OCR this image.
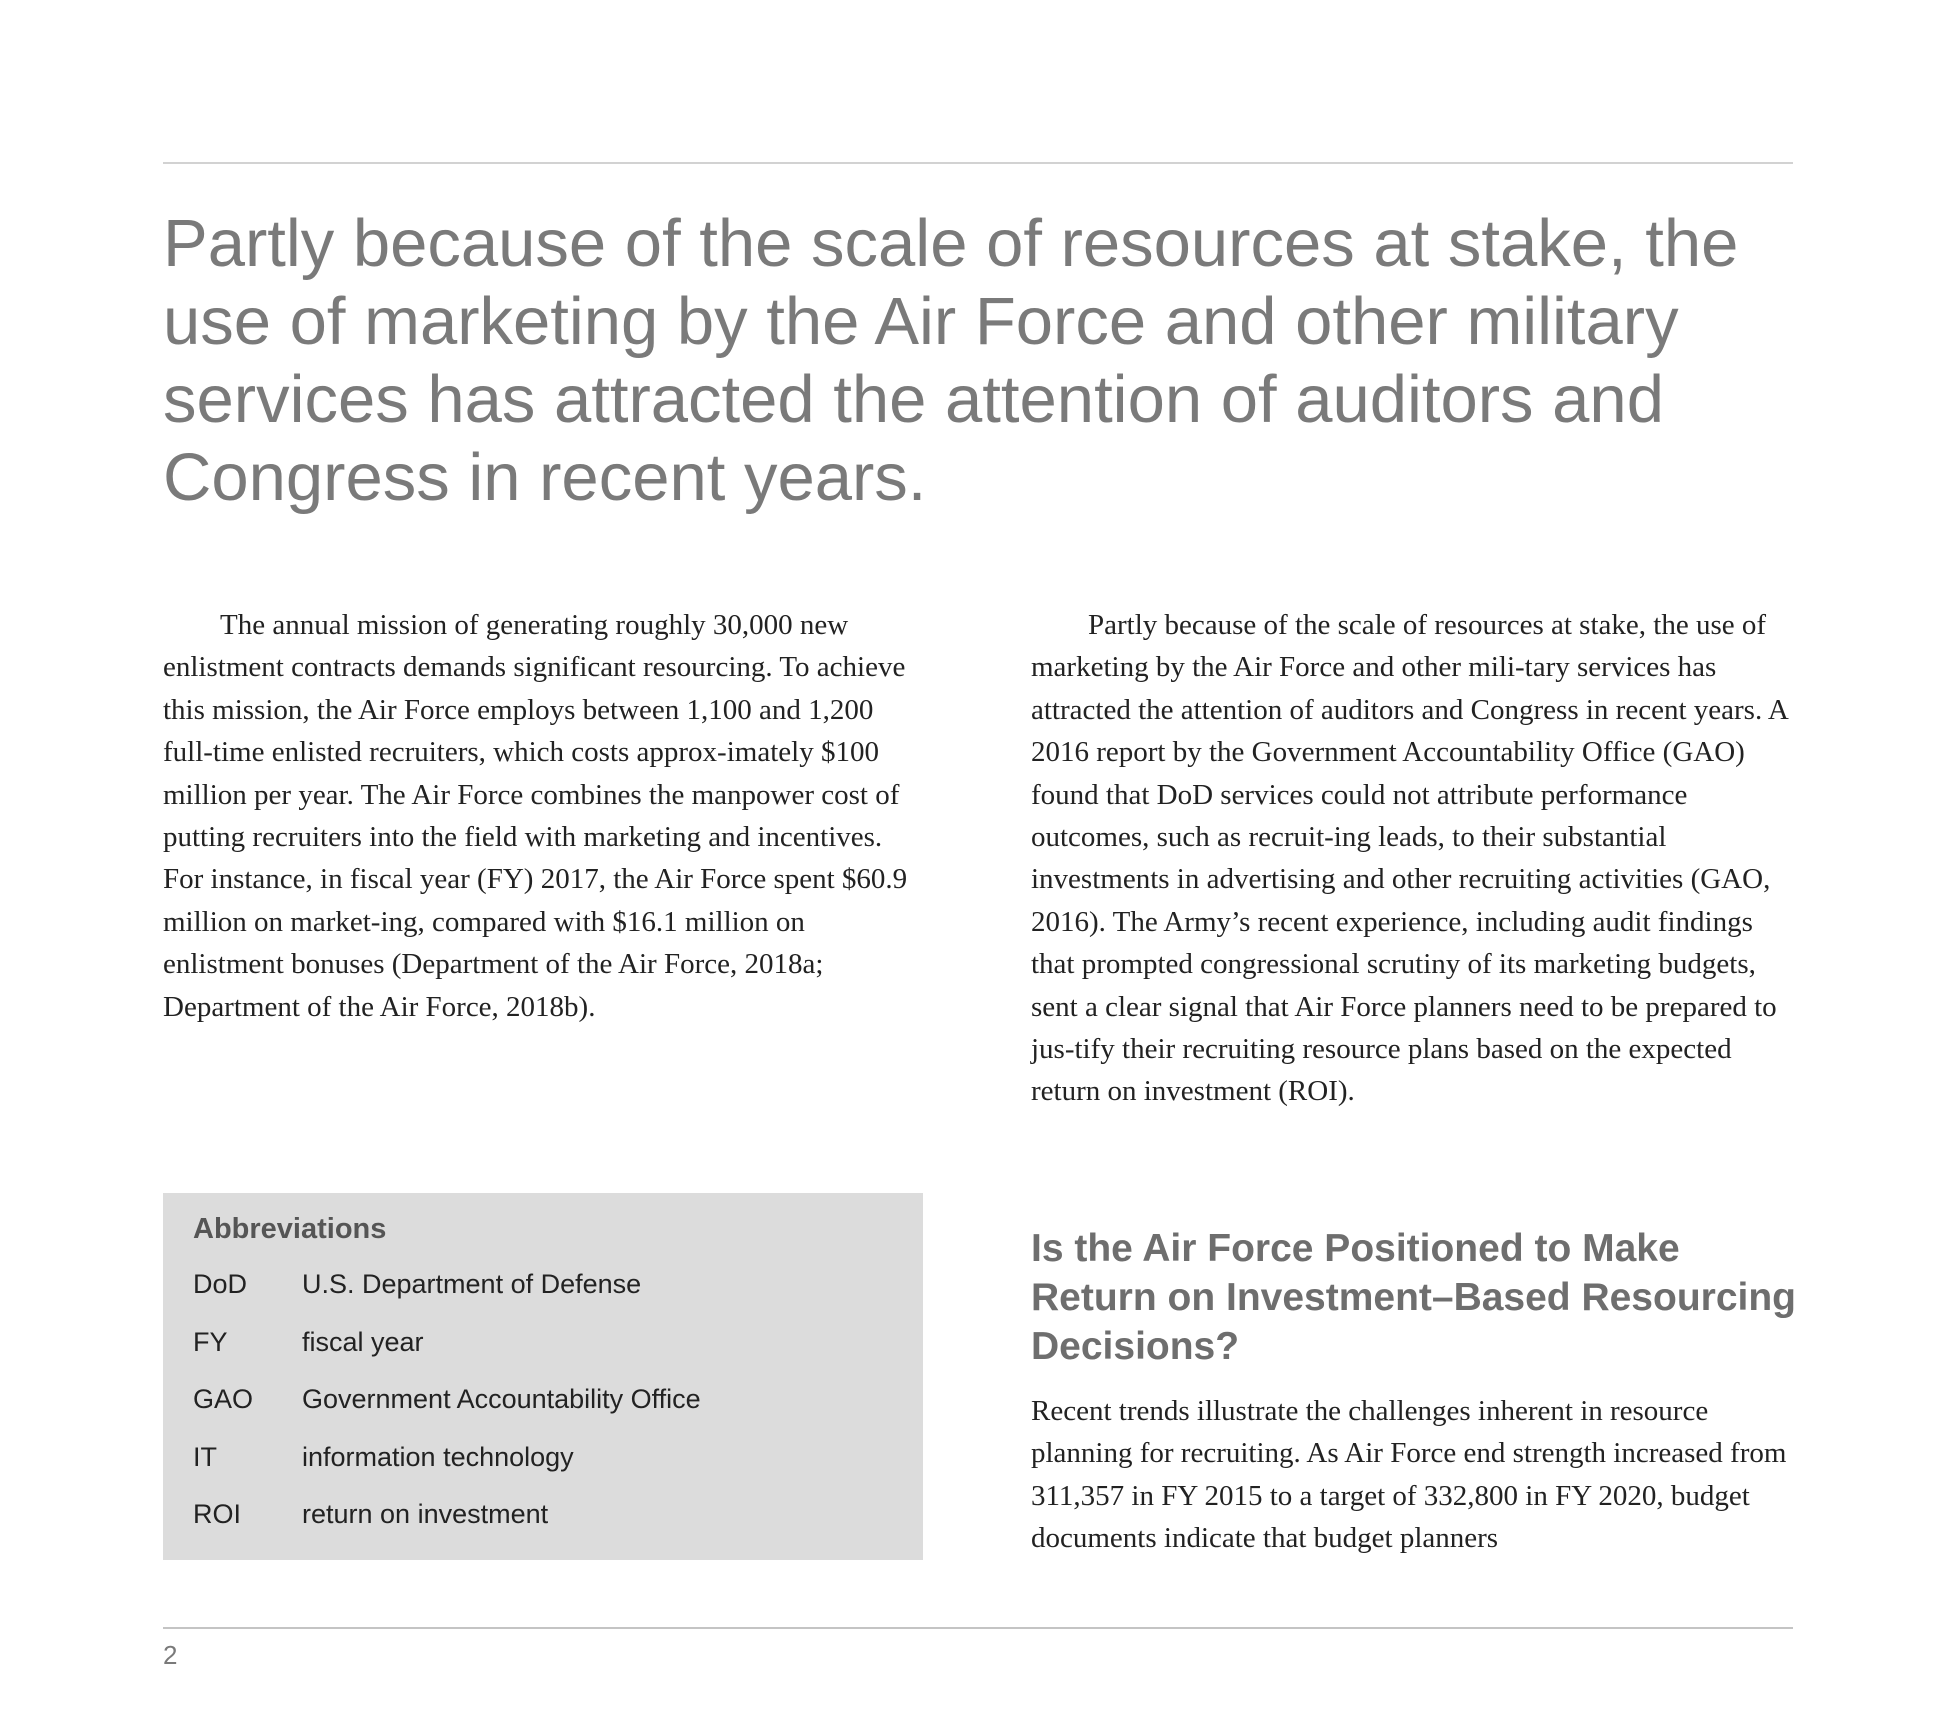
Partly because of the scale of resources at stake, the use of marketing by the Air Force and other military services has attracted the attention of auditors and Congress in recent years.

The annual mission of generating roughly 30,000 new enlistment contracts demands significant resourcing. To achieve this mission, the Air Force employs between 1,100 and 1,200 full-time enlisted recruiters, which costs approx-imately $100 million per year. The Air Force combines the manpower cost of putting recruiters into the field with marketing and incentives. For instance, in fiscal year (FY) 2017, the Air Force spent $60.9 million on market-ing, compared with $16.1 million on enlistment bonuses (Department of the Air Force, 2018a; Department of the Air Force, 2018b).

Partly because of the scale of resources at stake, the use of marketing by the Air Force and other mili-tary services has attracted the attention of auditors and Congress in recent years. A 2016 report by the Government Accountability Office (GAO) found that DoD services could not attribute performance outcomes, such as recruit-ing leads, to their substantial investments in advertising and other recruiting activities (GAO, 2016). The Army’s recent experience, including audit findings that prompted congressional scrutiny of its marketing budgets, sent a clear signal that Air Force planners need to be prepared to jus-tify their recruiting resource plans based on the expected return on investment (ROI).

Abbreviations
DoD	U.S. Department of Defense
FY	fiscal year
GAO	Government Accountability Office
IT	information technology
ROI	return on investment
Is the Air Force Positioned to Make Return on Investment–Based Resourcing Decisions?

Recent trends illustrate the challenges inherent in resource planning for recruiting. As Air Force end strength increased from 311,357 in FY 2015 to a target of 332,800 in FY 2020, budget documents indicate that budget planners

2
